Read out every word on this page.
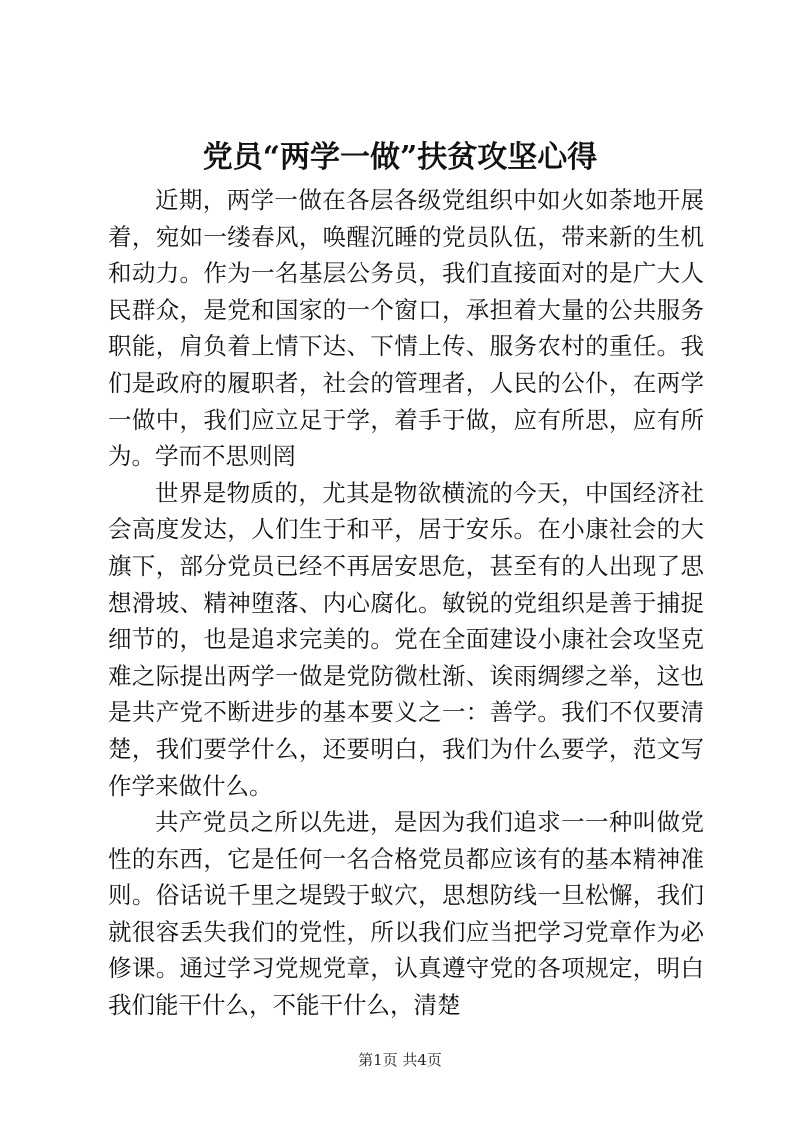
党员“两学一做”扶贫攻坚心得

近期，两学一做在各层各级党组织中如火如荼地开展着，宛如一缕春风，唤醒沉睡的党员队伍，带来新的生机和动力。作为一名基层公务员，我们直接面对的是广大人民群众，是党和国家的一个窗口，承担着大量的公共服务职能，肩负着上情下达、下情上传、服务农村的重任。我们是政府的履职者，社会的管理者，人民的公仆，在两学一做中，我们应立足于学，着手于做，应有所思，应有所为。学而不思则罔

世界是物质的，尤其是物欲横流的今天，中国经济社会高度发达，人们生于和平，居于安乐。在小康社会的大旗下，部分党员已经不再居安思危，甚至有的人出现了思想滑坡、精神堕落、内心腐化。敏锐的党组织是善于捕捉细节的，也是追求完美的。党在全面建设小康社会攻坚克难之际提出两学一做是党防微杜渐、诶雨绸缪之举，这也是共产党不断进步的基本要义之一：善学。我们不仅要清楚，我们要学什么，还要明白，我们为什么要学，范文写作学来做什么。

共产党员之所以先进，是因为我们追求一一种叫做党性的东西，它是任何一名合格党员都应该有的基本精神准则。俗话说千里之堤毁于蚁穴，思想防线一旦松懈，我们就很容丢失我们的党性，所以我们应当把学习党章作为必修课。通过学习党规党章，认真遵守党的各项规定，明白我们能干什么，不能干什么，清楚

第1页 共4页
